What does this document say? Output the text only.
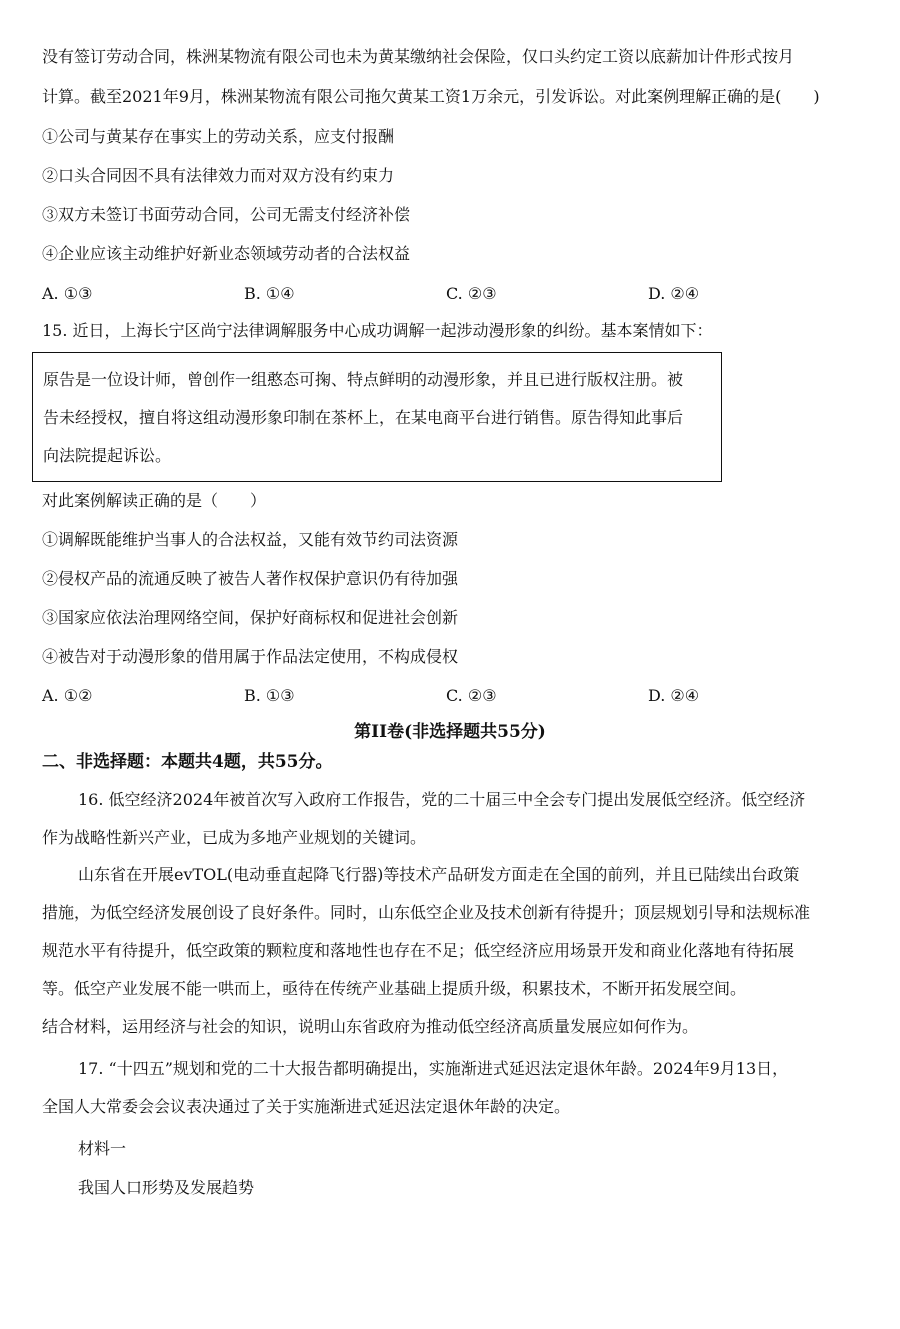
没有签订劳动合同，株洲某物流有限公司也未为黄某缴纳社会保险，仅口头约定工资以底薪加计件形式按月
计算。截至2021年9月，株洲某物流有限公司拖欠黄某工资1万余元，引发诉讼。对此案例理解正确的是(　　)
①公司与黄某存在事实上的劳动关系，应支付报酬
②口头合同因不具有法律效力而对双方没有约束力
③双方未签订书面劳动合同，公司无需支付经济补偿
④企业应该主动维护好新业态领域劳动者的合法权益
A. ①③	B. ①④	C. ②③	D. ②④
15. 近日，上海长宁区尚宁法律调解服务中心成功调解一起涉动漫形象的纠纷。基本案情如下：
原告是一位设计师，曾创作一组憨态可掬、特点鲜明的动漫形象，并且已进行版权注册。被
告未经授权，擅自将这组动漫形象印制在茶杯上，在某电商平台进行销售。原告得知此事后
向法院提起诉讼。
对此案例解读正确的是（　　）
①调解既能维护当事人的合法权益，又能有效节约司法资源
②侵权产品的流通反映了被告人著作权保护意识仍有待加强
③国家应依法治理网络空间，保护好商标权和促进社会创新
④被告对于动漫形象的借用属于作品法定使用，不构成侵权
A. ①②	B. ①③	C. ②③	D. ②④
第II卷(非选择题共55分)
二、非选择题：本题共4题，共55分。
16. 低空经济2024年被首次写入政府工作报告，党的二十届三中全会专门提出发展低空经济。低空经济
作为战略性新兴产业，已成为多地产业规划的关键词。
山东省在开展evTOL(电动垂直起降飞行器)等技术产品研发方面走在全国的前列，并且已陆续出台政策
措施，为低空经济发展创设了良好条件。同时，山东低空企业及技术创新有待提升；顶层规划引导和法规标准
规范水平有待提升，低空政策的颗粒度和落地性也存在不足；低空经济应用场景开发和商业化落地有待拓展
等。低空产业发展不能一哄而上，亟待在传统产业基础上提质升级，积累技术，不断开拓发展空间。
结合材料，运用经济与社会的知识，说明山东省政府为推动低空经济高质量发展应如何作为。
17. “十四五”规划和党的二十大报告都明确提出，实施渐进式延迟法定退休年龄。2024年9月13日，
全国人大常委会会议表决通过了关于实施渐进式延迟法定退休年龄的决定。
材料一
我国人口形势及发展趋势
